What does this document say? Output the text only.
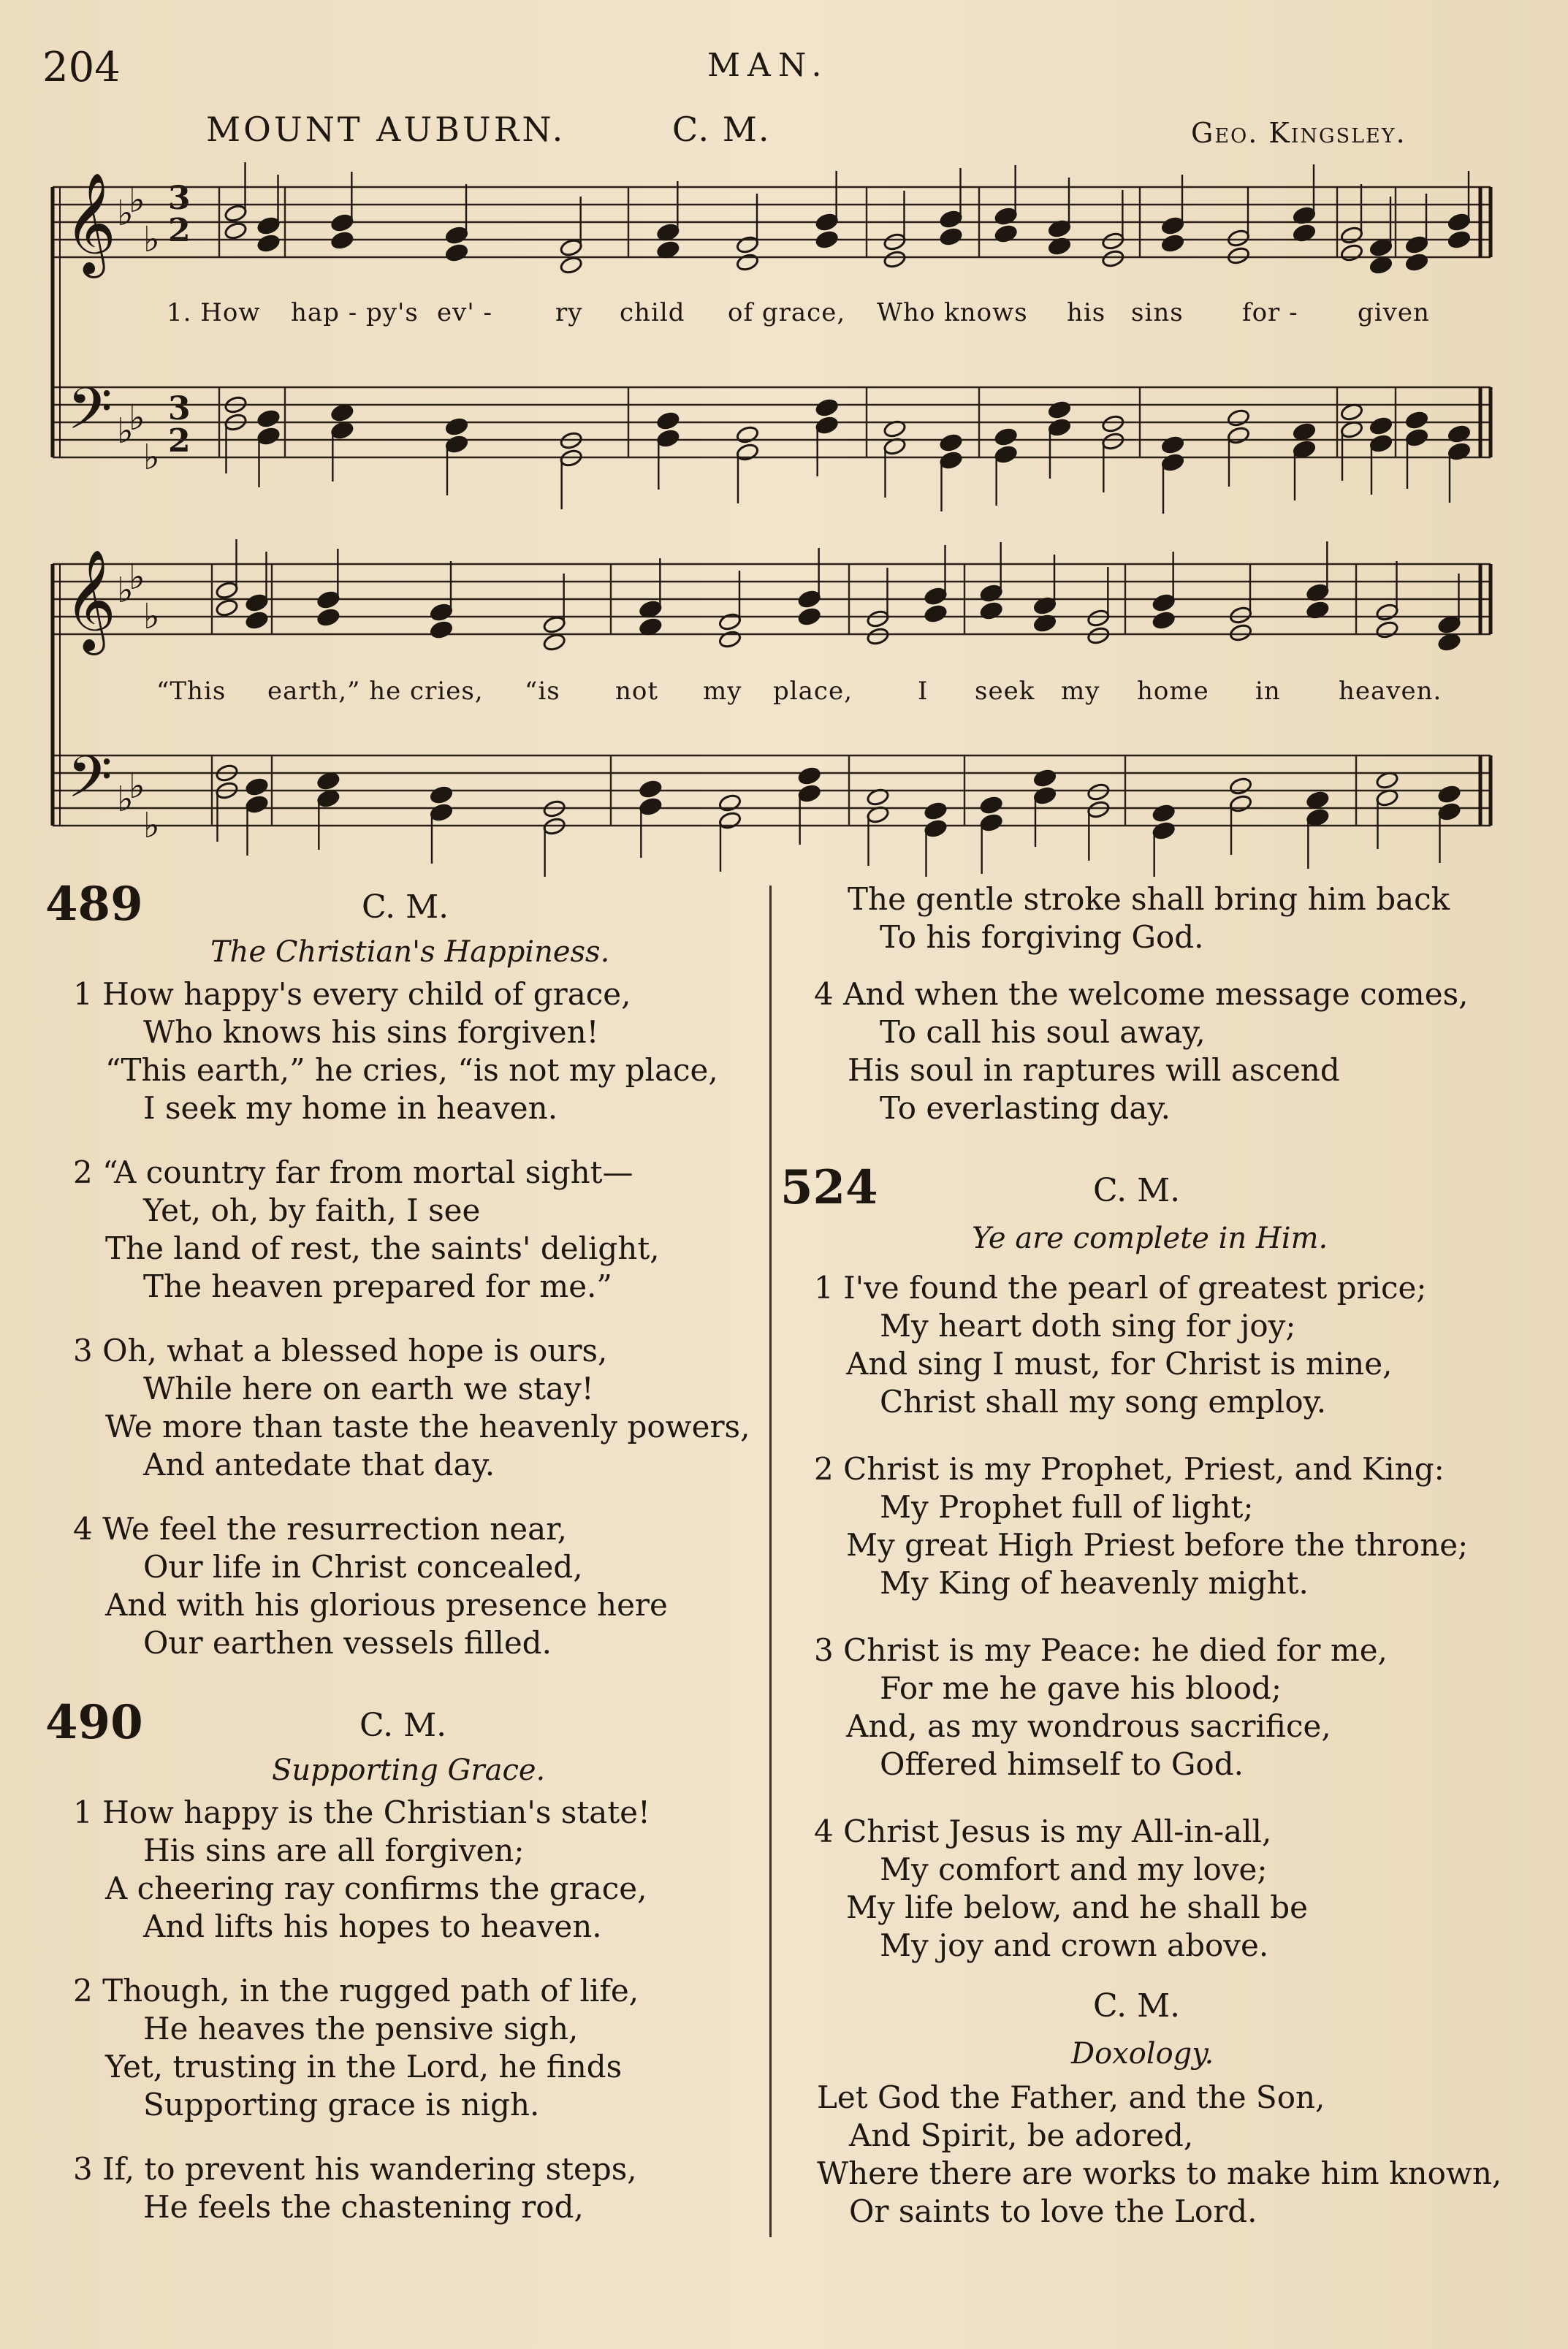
204	MAN.
MOUNT AUBURN.	C. M.	Geo. Kingsley.
3
2
3
2
𝄞
𝄢
♭
♭
♭
♭
♭
♭
𝄞
𝄢
♭
♭
♭
♭
♭
♭
1. How hap - py's ev' -	ry child of grace, Who knows his sins for - given
“This earth,” he cries, “is not my place,	I seek my home in heaven.
489	C. M.
The Christian's Happiness.
1 How happy's every child of grace,
Who knows his sins forgiven!
“This earth,” he cries, “is not my place,
I seek my home in heaven.
2 “A country far from mortal sight—
Yet, oh, by faith, I see
The land of rest, the saints' delight,
The heaven prepared for me.”
3 Oh, what a blessed hope is ours,
While here on earth we stay!
We more than taste the heavenly powers,
And antedate that day.
4 We feel the resurrection near,
Our life in Christ concealed,
And with his glorious presence here
Our earthen vessels filled.
490	C. M.
Supporting Grace.
1 How happy is the Christian's state!
His sins are all forgiven;
A cheering ray confirms the grace,
And lifts his hopes to heaven.
2 Though, in the rugged path of life,
He heaves the pensive sigh,
Yet, trusting in the Lord, he finds
Supporting grace is nigh.
3 If, to prevent his wandering steps,
He feels the chastening rod,
The gentle stroke shall bring him back
To his forgiving God.
4 And when the welcome message comes,
To call his soul away,
His soul in raptures will ascend
To everlasting day.
524	C. M.
Ye are complete in Him.
1 I've found the pearl of greatest price;
My heart doth sing for joy;
And sing I must, for Christ is mine,
Christ shall my song employ.
2 Christ is my Prophet, Priest, and King:
My Prophet full of light;
My great High Priest before the throne;
My King of heavenly might.
3 Christ is my Peace: he died for me,
For me he gave his blood;
And, as my wondrous sacrifice,
Offered himself to God.
4 Christ Jesus is my All-in-all,
My comfort and my love;
My life below, and he shall be
My joy and crown above.
C. M.
Doxology.
Let God the Father, and the Son,
And Spirit, be adored,
Where there are works to make him known,
Or saints to love the Lord.
